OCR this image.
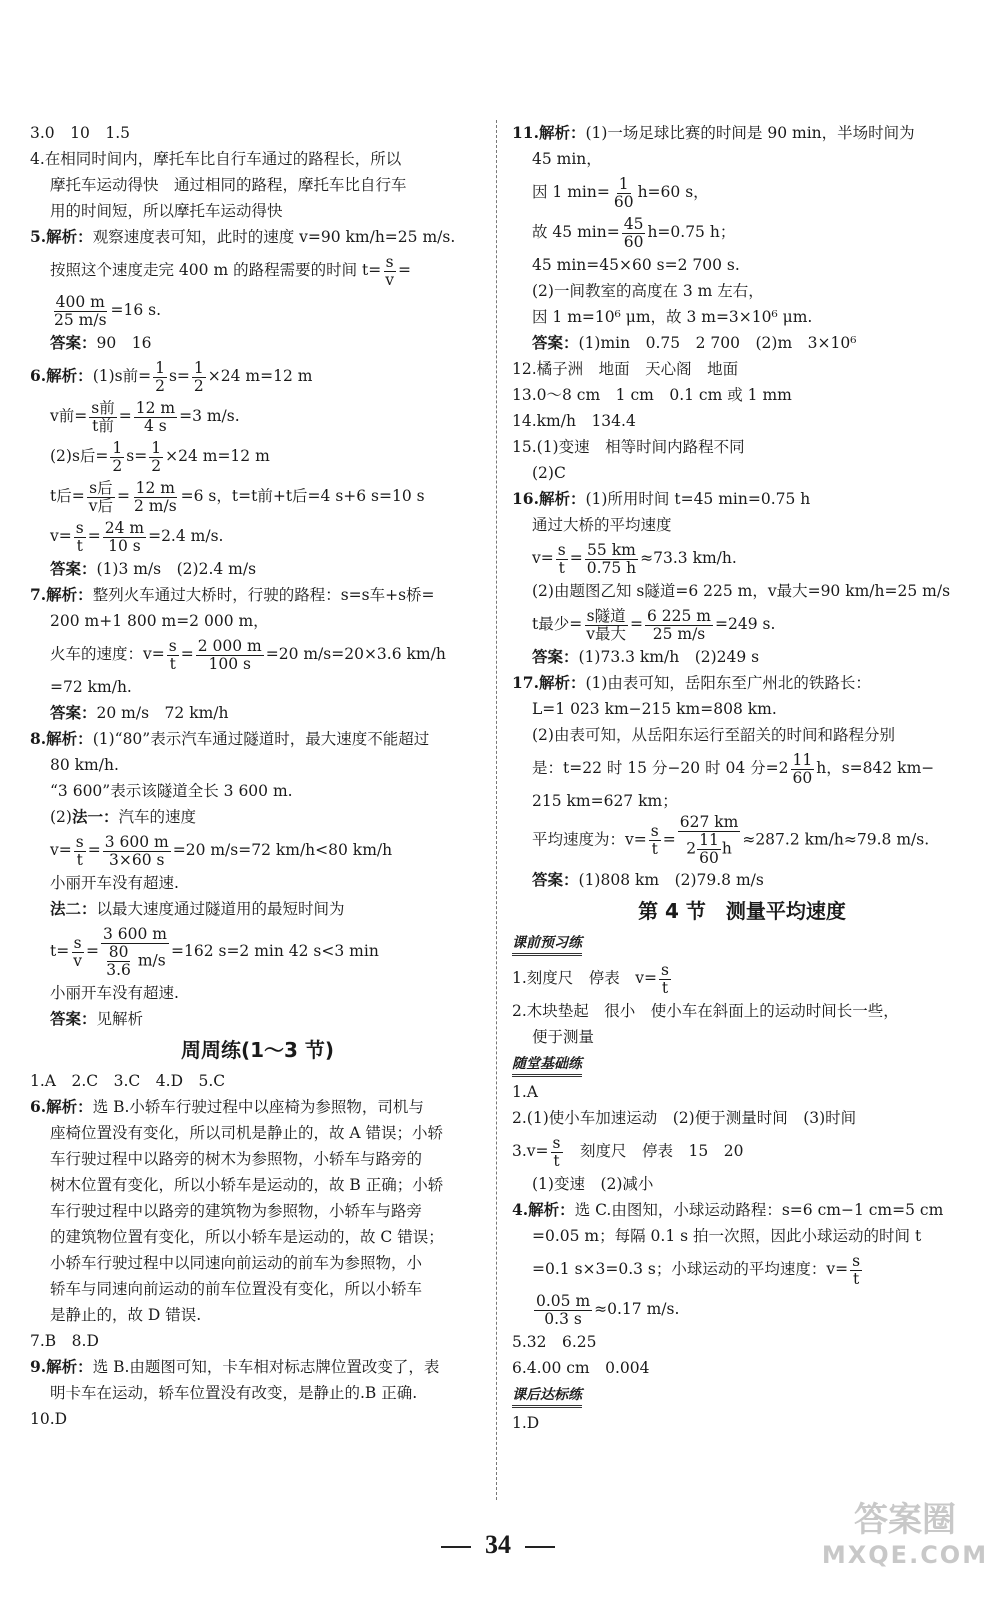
3.0　10　1.5
4.在相同时间内，摩托车比自行车通过的路程长，所以
摩托车运动得快　通过相同的路程，摩托车比自行车
用的时间短，所以摩托车运动得快
5.解析：观察速度表可知，此时的速度 v=90 km/h=25 m/s.
按照这个速度走完 400 m 的路程需要的时间 $t= \frac{s}{v}$ =
$\frac{400 m}{25 m/s} =16$ s.
答案：90　16
6.解析：(1)s前= $\frac{1}{2} s= \frac{1}{2} \times 24$ m=12 m
v前= $\frac{\text{s前}}{\text{t前}} = \frac{12 m}{4 s} =3$ m/s.
(2)s后= $\frac{1}{2} s= \frac{1}{2} \times 24$ m=12 m
t后= $\frac{\text{s后}}{\text{v后}} = \frac{12 m}{2 m/s} =6$ s，t=t前+t后=4 s+6 s=10 s
$v= \frac{s}{t} = \frac{24 m}{10 s} =2.4$ m/s.
答案：(1)3 m/s　(2)2.4 m/s
7.解析：整列火车通过大桥时，行驶的路程：s=s车+s桥=
200 m+1 800 m=2 000 m，
火车的速度：$v= \frac{s}{t} = \frac{2 000 m}{100 s} =20$ m/s=20×3.6 km/h
=72 km/h.
答案：20 m/s　72 km/h
8.解析：(1)“80”表示汽车通过隧道时，最大速度不能超过
80 km/h.
“3 600”表示该隧道全长 3 600 m.
(2)法一：汽车的速度
$v= \frac{s}{t} = \frac{3 600 m}{3\times 60 s} =20$ m/s=72 km/h<80 km/h
小丽开车没有超速.
法二：以最大速度通过隧道用的最短时间为
$t= \frac{s}{v} = \frac{3 600 m}{\frac{80}{3.6} m/s} =162$ s=2 min 42 s<3 min
小丽开车没有超速.
答案：见解析
周周练(1～3 节)
1.A　2.C　3.C　4.D　5.C
6.解析：选 B.小轿车行驶过程中以座椅为参照物，司机与
座椅位置没有变化，所以司机是静止的，故 A 错误；小轿
车行驶过程中以路旁的树木为参照物，小轿车与路旁的
树木位置有变化，所以小轿车是运动的，故 B 正确；小轿
车行驶过程中以路旁的建筑物为参照物，小轿车与路旁
的建筑物位置有变化，所以小轿车是运动的，故 C 错误；
小轿车行驶过程中以同速向前运动的前车为参照物，小
轿车与同速向前运动的前车位置没有变化，所以小轿车
是静止的，故 D 错误.
7.B　8.D
9.解析：选 B.由题图可知，卡车相对标志牌位置改变了，表
明卡车在运动，轿车位置没有改变，是静止的.B 正确.
10.D
11.解析：(1)一场足球比赛的时间是 90 min，半场时间为
45 min，
因 1 $\min= \frac{1}{60} h=60$ s，
故 45 $\min= \frac{45}{60} h=0.75$ h；
45 min=45×60 s=2 700 s.
(2)一间教室的高度在 3 m 左右，
因 1 m=10⁶ μm，故 3 m=3×10⁶ μm.
答案：(1)min　0.75　2 700　(2)m　3×10⁶
12.橘子洲　地面　天心阁　地面
13.0～8 cm　1 cm　0.1 cm 或 1 mm
14.km/h　134.4
15.(1)变速　相等时间内路程不同
(2)C
16.解析：(1)所用时间 t=45 min=0.75 h
通过大桥的平均速度
$v= \frac{s}{t} = \frac{55 km}{0.75 h} \approx 73.3$ km/h.
(2)由题图乙知 s隧道=6 225 m，v最大=90 km/h=25 m/s
t最少= $\frac{\text{s隧道}}{\text{v最大}} = \frac{6 225 m}{25 m/s} =249$ s.
答案：(1)73.3 km/h　(2)249 s
17.解析：(1)由表可知，岳阳东至广州北的铁路长：
L=1 023 km−215 km=808 km.
(2)由表可知，从岳阳东运行至韶关的时间和路程分别
是：t=22 时 15 分−20 时 04 分$=2 \frac{11}{60}$ h，s=842 km−
215 km=627 km；
平均速度为：$v= \frac{s}{t} = \frac{627 km}{2 \frac{11}{60} h} \approx 287.2$ km/h≈79.8 m/s.
答案：(1)808 km　(2)79.8 m/s
第 4 节　测量平均速度
课前预习练
1.刻度尺　停表　$v= \frac{s}{t}$
2.木块垫起　很小　使小车在斜面上的运动时间长一些，
便于测量
随堂基础练
1.A
2.(1)使小车加速运动　(2)便于测量时间　(3)时间
$3.v= \frac{s}{t}$
　 刻度尺　停表　15　20
(1)变速　(2)减小
4.解析：选 C.由图知，小球运动路程：s=6 cm−1 cm=5 cm
=0.05 m；每隔 0.1 s 拍一次照，因此小球运动的时间 t
=0.1 s×3=0.3 s；小球运动的平均速度：$v= \frac{s}{t}$
$\frac{0.05 m}{0.3 s} \approx 0.17$ m/s.
5.32　6.25
6.4.00 cm　0.004
课后达标练
1.D
34
答案圈
MXQE.COM
